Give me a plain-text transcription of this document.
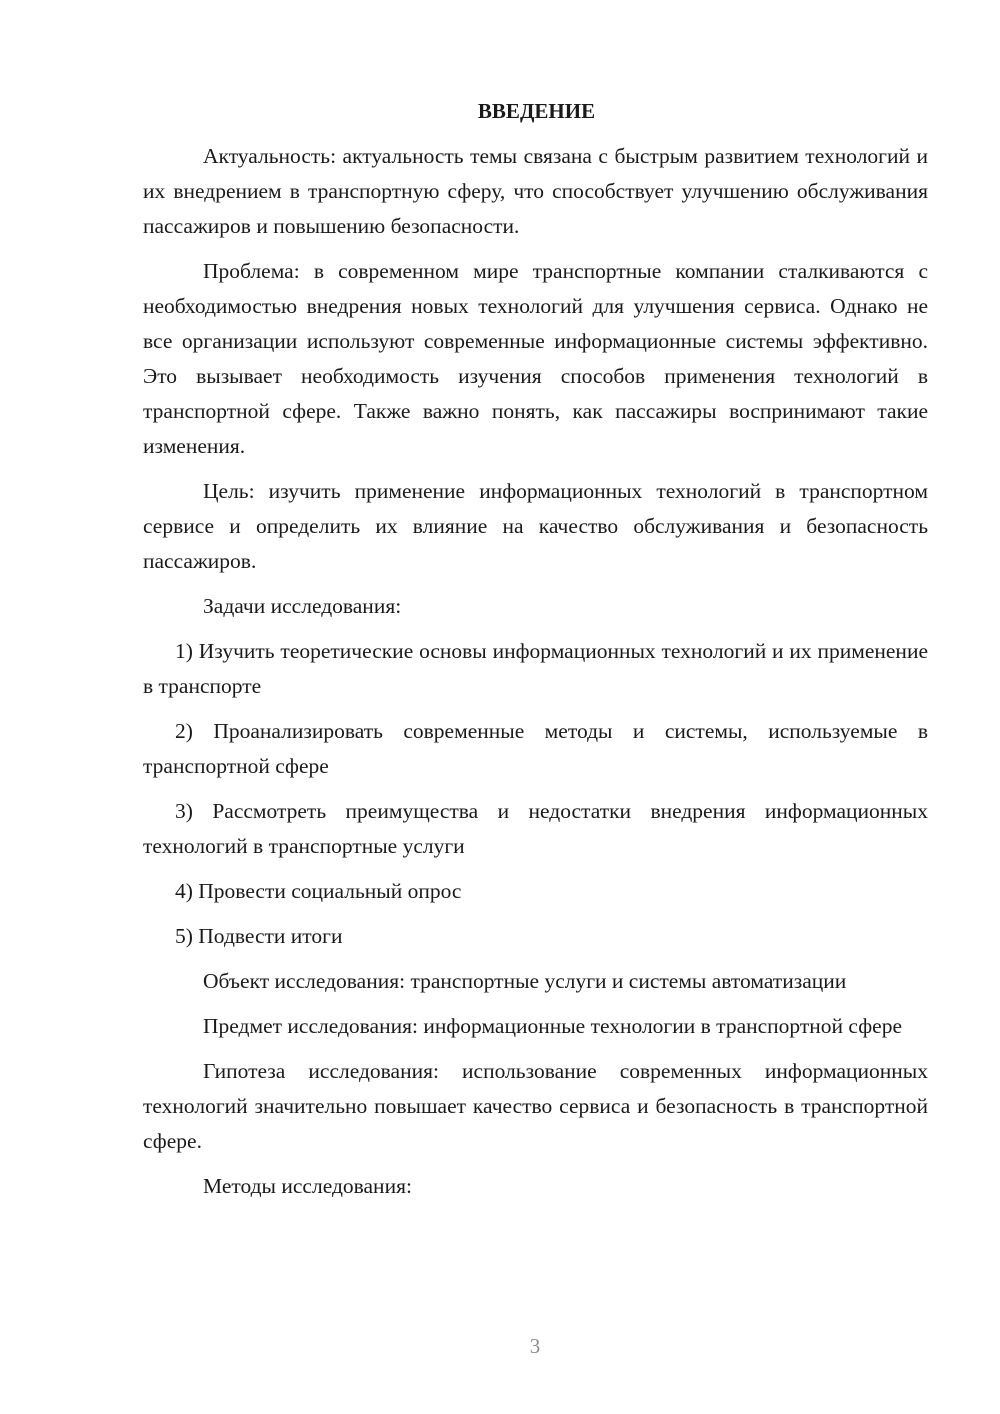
ВВЕДЕНИЕ

Актуальность: актуальность темы связана с быстрым развитием технологий и их внедрением в транспортную сферу, что способствует улучшению обслуживания пассажиров и повышению безопасности.

Проблема: в современном мире транспортные компании сталкиваются с необходимостью внедрения новых технологий для улучшения сервиса. Однако не все организации используют современные информационные системы эффективно. Это вызывает необходимость изучения способов применения технологий в транспортной сфере. Также важно понять, как пассажиры воспринимают такие изменения.

Цель: изучить применение информационных технологий в транспортном сервисе и определить их влияние на качество обслуживания и безопасность пассажиров.

Задачи исследования:

1) Изучить теоретические основы информационных технологий и их применение в транспорте

2) Проанализировать современные методы и системы, используемые в транспортной сфере

3) Рассмотреть преимущества и недостатки внедрения информационных технологий в транспортные услуги

4) Провести социальный опрос

5) Подвести итоги

Объект исследования: транспортные услуги и системы автоматизации

Предмет исследования: информационные технологии в транспортной сфере

Гипотеза исследования: использование современных информационных технологий значительно повышает качество сервиса и безопасность в транспортной сфере.

Методы исследования:

3
